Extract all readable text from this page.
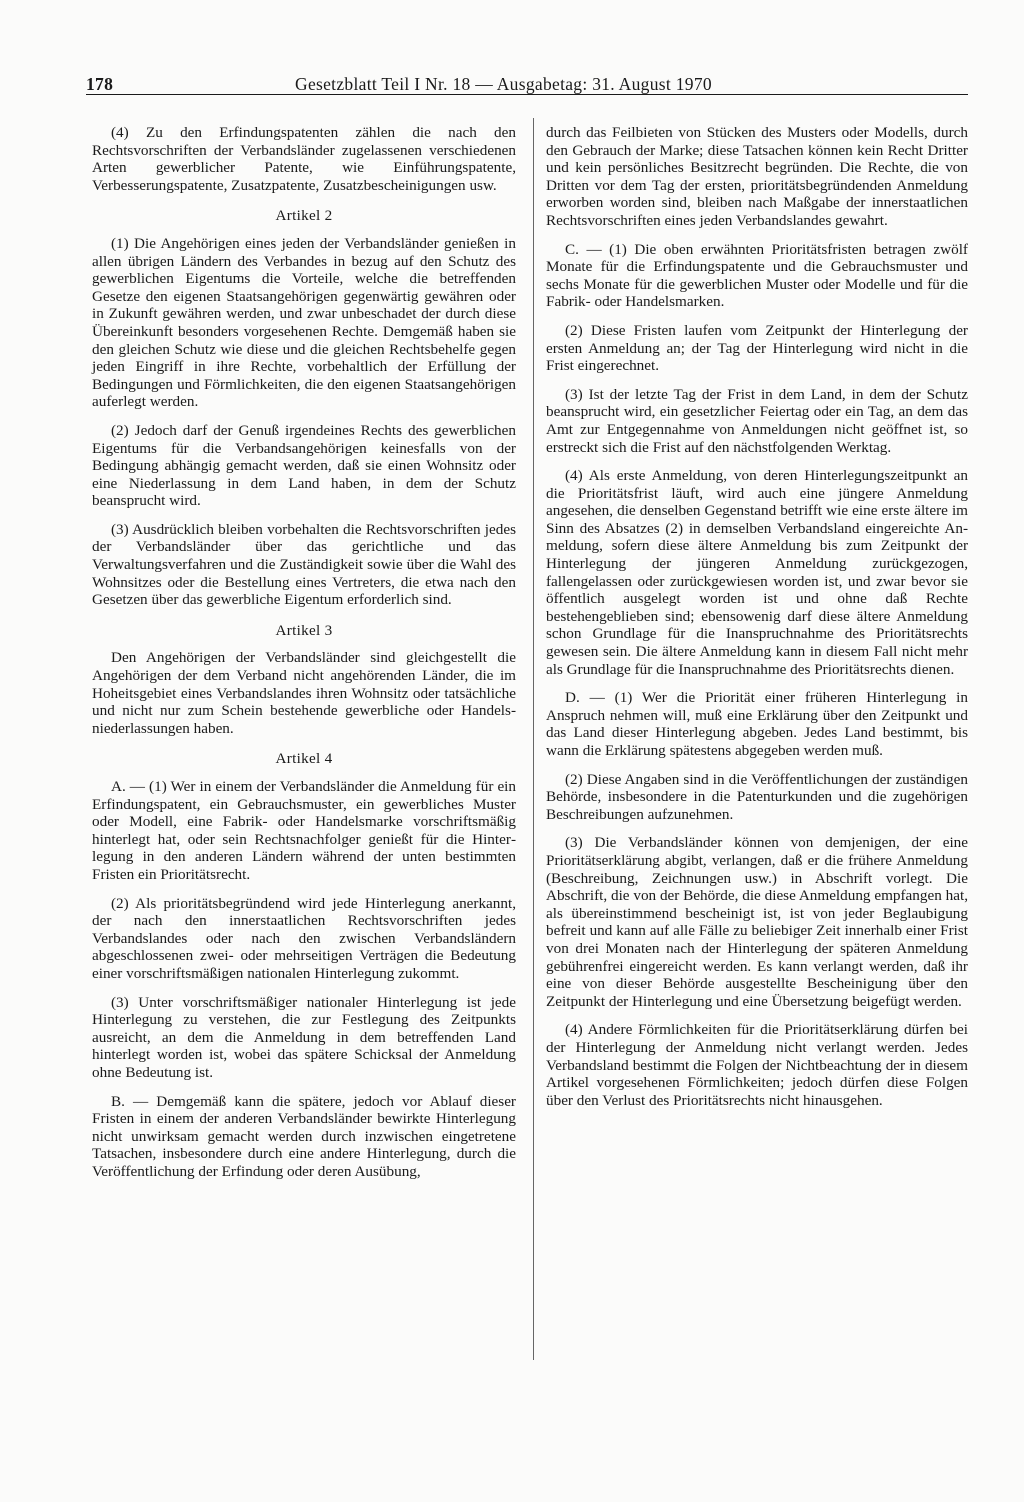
178	Gesetzblatt Teil I Nr. 18 — Ausgabetag: 31. August 1970

(4) Zu den Erfindungspatenten zählen die nach den Rechtsvorschriften der Verbandsländer zugelassenen verschiedenen Arten gewerblicher Patente, wie Einführungspatente, Verbesserungspatente, Zusatzpatente, Zusatzbescheinigungen usw.

Artikel 2

(1) Die Angehörigen eines jeden der Verbandsländer genießen in allen übrigen Ländern des Verbandes in bezug auf den Schutz des gewerblichen Eigentums die Vorteile, welche die betreffenden Gesetze den eigenen Staatsangehörigen gegenwärtig gewähren oder in Zukunft gewähren werden, und zwar unbeschadet der durch diese Übereinkunft besonders vorgesehenen Rechte. Demgemäß haben sie den gleichen Schutz wie diese und die gleichen Rechtsbehelfe gegen jeden Eingriff in ihre Rechte, vorbehaltlich der Erfüllung der Bedingungen und Förmlichkeiten, die den eigenen Staatsangehörigen auferlegt werden.

(2) Jedoch darf der Genuß irgendeines Rechts des gewerblichen Eigentums für die Verbandsangehörigen keinesfalls von der Bedingung abhängig gemacht werden, daß sie einen Wohnsitz oder eine Niederlassung in dem Land haben, in dem der Schutz beansprucht wird.

(3) Ausdrücklich bleiben vorbehalten die Rechtsvorschriften jedes der Verbandsländer über das gerichtliche und das Verwaltungsverfahren und die Zuständigkeit sowie über die Wahl des Wohnsitzes oder die Bestellung eines Vertreters, die etwa nach den Gesetzen über das gewerbliche Eigentum erforderlich sind.

Artikel 3

Den Angehörigen der Verbandsländer sind gleichgestellt die Angehörigen der dem Verband nicht angehörenden Länder, die im Hoheitsgebiet eines Verbandslandes ihren Wohnsitz oder tatsächliche und nicht nur zum Schein bestehende gewerbliche oder Handelsniederlassungen haben.

Artikel 4

A. — (1) Wer in einem der Verbandsländer die Anmeldung für ein Erfindungspatent, ein Gebrauchsmuster, ein gewerbliches Muster oder Modell, eine Fabrik- oder Handelsmarke vorschriftsmäßig hinterlegt hat, oder sein Rechtsnachfolger genießt für die Hinterlegung in den anderen Ländern während der unten bestimmten Fristen ein Prioritätsrecht.

(2) Als prioritätsbegründend wird jede Hinterlegung anerkannt, der nach den innerstaatlichen Rechtsvorschriften jedes Verbandslandes oder nach den zwischen Verbandsländern abgeschlossenen zwei- oder mehrseitigen Verträgen die Bedeutung einer vorschriftsmäßigen nationalen Hinterlegung zukommt.

(3) Unter vorschriftsmäßiger nationaler Hinterlegung ist jede Hinterlegung zu verstehen, die zur Festlegung des Zeitpunkts ausreicht, an dem die Anmeldung in dem betreffenden Land hinterlegt worden ist, wobei das spätere Schicksal der Anmeldung ohne Bedeutung ist.

B. — Demgemäß kann die spätere, jedoch vor Ablauf dieser Fristen in einem der anderen Verbandsländer bewirkte Hinterlegung nicht unwirksam gemacht werden durch inzwischen eingetretene Tatsachen, insbesondere durch eine andere Hinterlegung, durch die Veröffentlichung der Erfindung oder deren Ausübung,

durch das Feilbieten von Stücken des Musters oder Modells, durch den Gebrauch der Marke; diese Tatsachen können kein Recht Dritter und kein persönliches Besitzrecht begründen. Die Rechte, die von Dritten vor dem Tag der ersten, prioritätsbegründenden Anmeldung erworben worden sind, bleiben nach Maßgabe der innerstaatlichen Rechtsvorschriften eines jeden Verbandslandes gewahrt.

C. — (1) Die oben erwähnten Prioritätsfristen betragen zwölf Monate für die Erfindungspatente und die Gebrauchsmuster und sechs Monate für die gewerblichen Muster oder Modelle und für die Fabrik- oder Handelsmarken.

(2) Diese Fristen laufen vom Zeitpunkt der Hinterlegung der ersten Anmeldung an; der Tag der Hinterlegung wird nicht in die Frist eingerechnet.

(3) Ist der letzte Tag der Frist in dem Land, in dem der Schutz beansprucht wird, ein gesetzlicher Feiertag oder ein Tag, an dem das Amt zur Entgegennahme von Anmeldungen nicht geöffnet ist, so erstreckt sich die Frist auf den nächstfolgenden Werktag.

(4) Als erste Anmeldung, von deren Hinterlegungszeitpunkt an die Prioritätsfrist läuft, wird auch eine jüngere Anmeldung angesehen, die denselben Gegenstand betrifft wie eine erste ältere im Sinn des Absatzes (2) in demselben Verbandsland eingereichte Anmeldung, sofern diese ältere Anmeldung bis zum Zeitpunkt der Hinterlegung der jüngeren Anmeldung zurückgezogen, fallengelassen oder zurückgewiesen worden ist, und zwar bevor sie öffentlich ausgelegt worden ist und ohne daß Rechte bestehengeblieben sind; ebensowenig darf diese ältere Anmeldung schon Grundlage für die Inanspruchnahme des Prioritätsrechts gewesen sein. Die ältere Anmeldung kann in diesem Fall nicht mehr als Grundlage für die Inanspruchnahme des Prioritätsrechts dienen.

D. — (1) Wer die Priorität einer früheren Hinterlegung in Anspruch nehmen will, muß eine Erklärung über den Zeitpunkt und das Land dieser Hinterlegung abgeben. Jedes Land bestimmt, bis wann die Erklärung spätestens abgegeben werden muß.

(2) Diese Angaben sind in die Veröffentlichungen der zuständigen Behörde, insbesondere in die Patenturkunden und die zugehörigen Beschreibungen aufzunehmen.

(3) Die Verbandsländer können von demjenigen, der eine Prioritätserklärung abgibt, verlangen, daß er die frühere Anmeldung (Beschreibung, Zeichnungen usw.) in Abschrift vorlegt. Die Abschrift, die von der Behörde, die diese Anmeldung empfangen hat, als übereinstimmend bescheinigt ist, ist von jeder Beglaubigung befreit und kann auf alle Fälle zu beliebiger Zeit innerhalb einer Frist von drei Monaten nach der Hinterlegung der späteren Anmeldung gebührenfrei eingereicht werden. Es kann verlangt werden, daß ihr eine von dieser Behörde ausgestellte Bescheinigung über den Zeitpunkt der Hinterlegung und eine Übersetzung beigefügt werden.

(4) Andere Förmlichkeiten für die Prioritätserklärung dürfen bei der Hinterlegung der Anmeldung nicht verlangt werden. Jedes Verbandsland bestimmt die Folgen der Nichtbeachtung der in diesem Artikel vorgesehenen Förmlichkeiten; jedoch dürfen diese Folgen über den Verlust des Prioritätsrechts nicht hinausgehen.
